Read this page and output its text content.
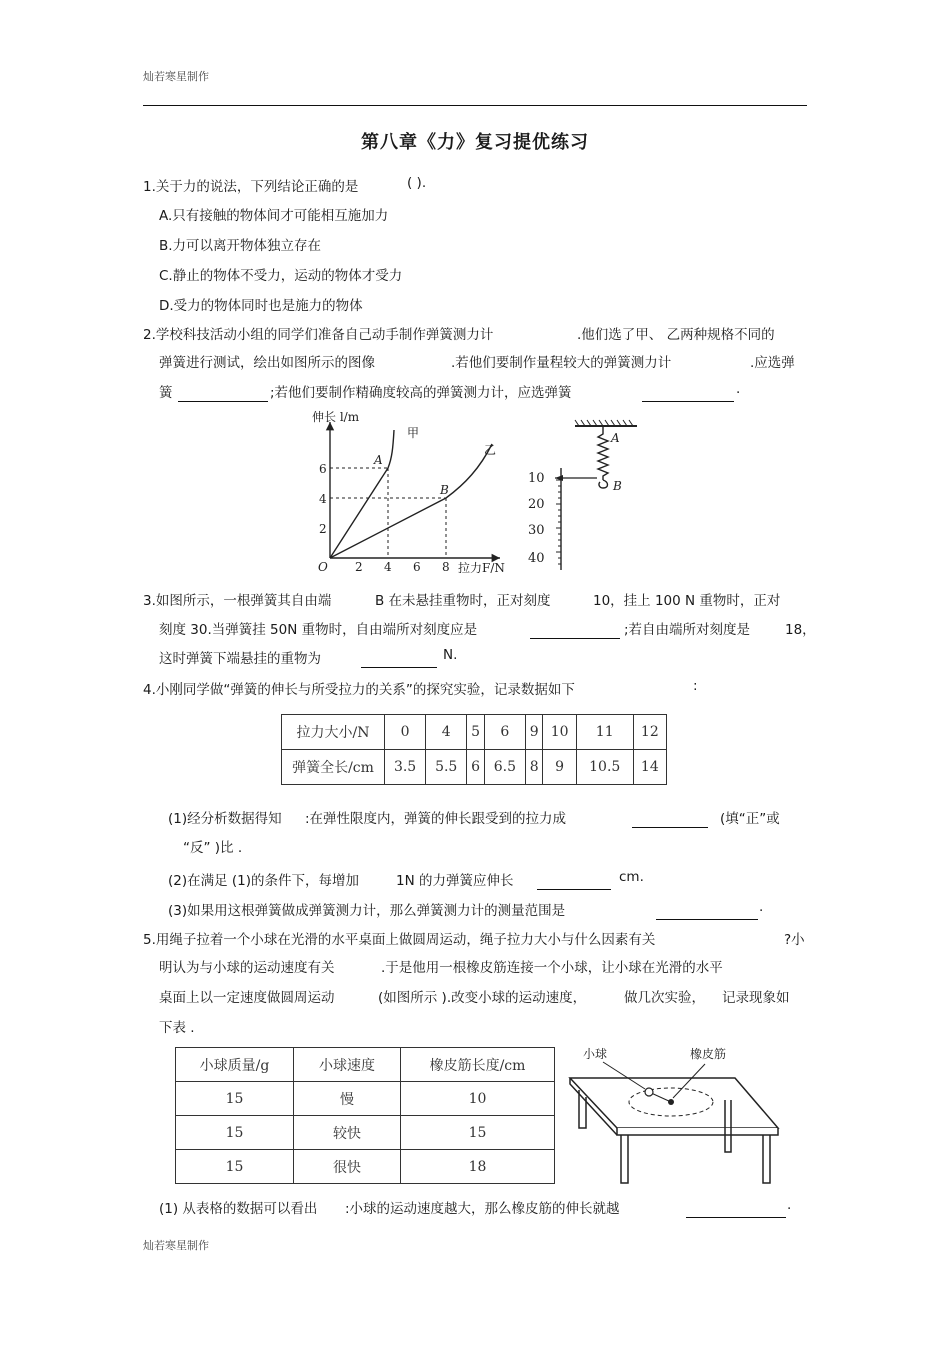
灿若寒星制作
第八章《力》复习提优练习
1.关于力的说法，下列结论正确的是	( ).
A.只有接触的物体间才可能相互施加力
B.力可以离开物体独立存在
C.静止的物体不受力，运动的物体才受力
D.受力的物体同时也是施力的物体
2.学校科技活动小组的同学们准备自己动手制作弹簧测力计	.他们选了甲、 乙两种规格不同的
弹簧进行测试，绘出如图所示的图像	.若他们要制作量程较大的弹簧测力计	.应选弹
簧	;若他们要制作精确度较高的弹簧测力计，应选弹簧	.
伸长 l/m
拉力F/N
O
2
4
6
2 4 6 8
甲
乙
A
B
A
B
10
20
30
40
3.如图所示，一根弹簧其自由端	B 在未悬挂重物时，正对刻度	10，挂上 100 N 重物时，正对
刻度 30.当弹簧挂 50N 重物时，自由端所对刻度应是	;若自由端所对刻度是	18，
这时弹簧下端悬挂的重物为	N.
4.小刚同学做“弹簧的伸长与所受拉力的关系”的探究实验，记录数据如下	:
拉力大小/N	0	4	5	6	9	10	11	12
弹簧全长/cm	3.5	5.5	6	6.5	8	9	10.5	14
(1)经分析数据得知 :在弹性限度内，弹簧的伸长跟受到的拉力成	(填“正”或
“反” )比 .
(2)在满足 (1)的条件下，每增加	1N 的力弹簧应伸长	cm.
(3)如果用这根弹簧做成弹簧测力计，那么弹簧测力计的测量范围是	.
5.用绳子拉着一个小球在光滑的水平桌面上做圆周运动，绳子拉力大小与什么因素有关	?小
明认为与小球的运动速度有关	.于是他用一根橡皮筋连接一个小球，让小球在光滑的水平
桌面上以一定速度做圆周运动	(如图所示 ).改变小球的运动速度，	做几次实验， 记录现象如
下表 .
小球质量/g	小球速度	橡皮筋长度/cm
15	慢	10
15	较快	15
15	很快	18
小球	橡皮筋
(1) 从表格的数据可以看出 :小球的运动速度越大，那么橡皮筋的伸长就越	.
灿若寒星制作
